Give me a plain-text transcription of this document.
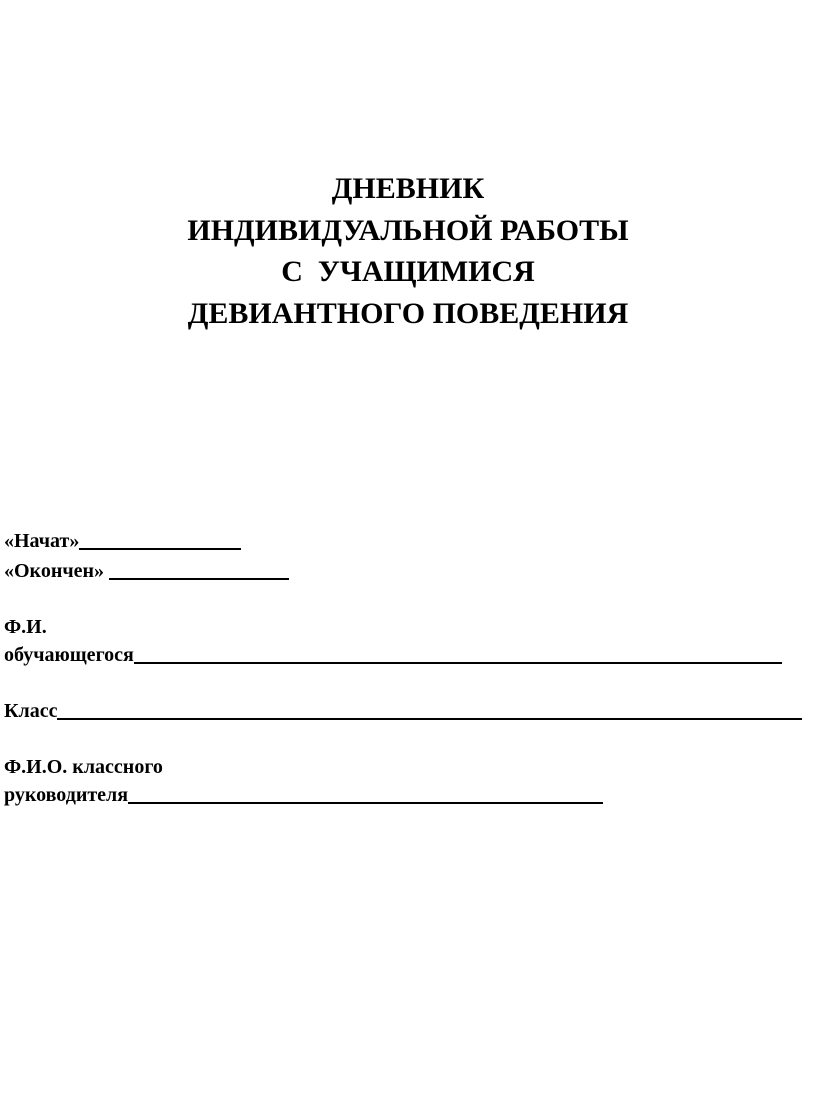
ДНЕВНИК
ИНДИВИДУАЛЬНОЙ РАБОТЫ
С  УЧАЩИМИСЯ
ДЕВИАНТНОГО ПОВЕДЕНИЯ
«Начат»
«Окончен»
Ф.И.
обучающегося
Класс
Ф.И.О. классного
руководителя
